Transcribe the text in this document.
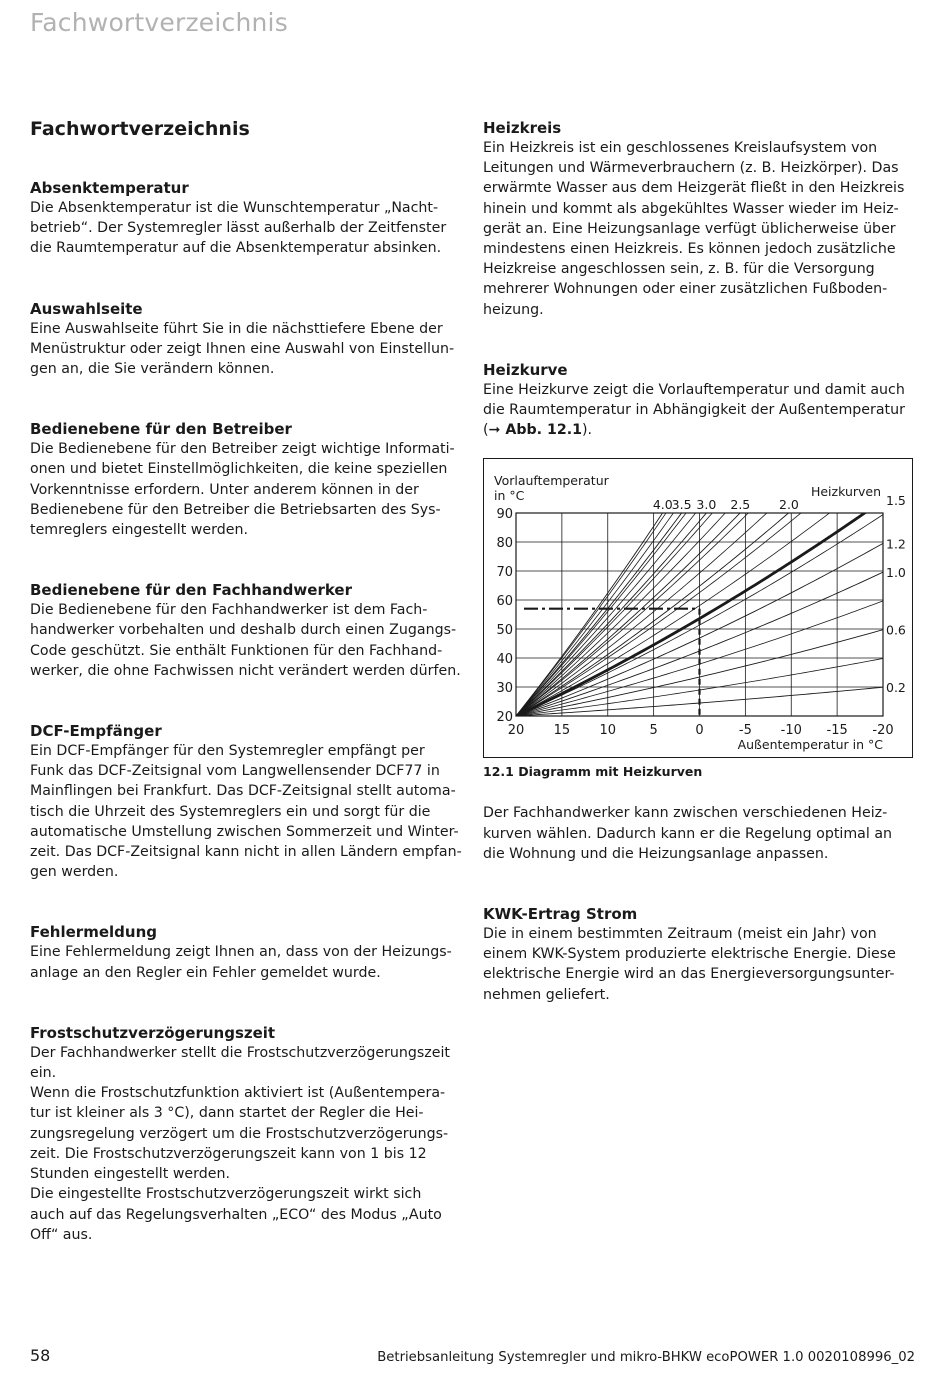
Fachwortverzeichnis
Fachwortverzeichnis
Absenktemperatur

Die Absenktemperatur ist die Wunschtemperatur „Nacht-
betrieb“. Der Systemregler lässt außerhalb der Zeitfenster
die Raumtemperatur auf die Absenktemperatur absinken.

Auswahlseite

Eine Auswahlseite führt Sie in die nächsttiefere Ebene der
Menüstruktur oder zeigt Ihnen eine Auswahl von Einstellun-
gen an, die Sie verändern können.

Bedienebene für den Betreiber

Die Bedienebene für den Betreiber zeigt wichtige Informati-
onen und bietet Einstellmöglichkeiten, die keine speziellen
Vorkenntnisse erfordern. Unter anderem können in der
Bedienebene für den Betreiber die Betriebsarten des Sys-
temreglers eingestellt werden.

Bedienebene für den Fachhandwerker

Die Bedienebene für den Fachhandwerker ist dem Fach-
handwerker vorbehalten und deshalb durch einen Zugangs-
Code geschützt. Sie enthält Funktionen für den Fachhand-
werker, die ohne Fachwissen nicht verändert werden dürfen.

DCF-Empfänger

Ein DCF-Empfänger für den Systemregler empfängt per
Funk das DCF-Zeitsignal vom Langwellensender DCF77 in
Mainflingen bei Frankfurt. Das DCF-Zeitsignal stellt automa-
tisch die Uhrzeit des Systemreglers ein und sorgt für die
automatische Umstellung zwischen Sommerzeit und Winter-
zeit. Das DCF-Zeitsignal kann nicht in allen Ländern empfan-
gen werden.

Fehlermeldung

Eine Fehlermeldung zeigt Ihnen an, dass von der Heizungs-
anlage an den Regler ein Fehler gemeldet wurde.

Frostschutzverzögerungszeit

Der Fachhandwerker stellt die Frostschutzverzögerungszeit
ein.
Wenn die Frostschutzfunktion aktiviert ist (Außentempera-
tur ist kleiner als 3 °C), dann startet der Regler die Hei-
zungsregelung verzögert um die Frostschutzverzögerungs-
zeit. Die Frostschutzverzögerungszeit kann von 1 bis 12
Stunden eingestellt werden.
Die eingestellte Frostschutzverzögerungszeit wirkt sich
auch auf das Regelungsverhalten „ECO“ des Modus „Auto
Off“ aus.

Heizkreis

Ein Heizkreis ist ein geschlossenes Kreislaufsystem von
Leitungen und Wärmeverbrauchern (z. B. Heizkörper). Das
erwärmte Wasser aus dem Heizgerät fließt in den Heizkreis
hinein und kommt als abgekühltes Wasser wieder im Heiz-
gerät an. Eine Heizungsanlage verfügt üblicherweise über
mindestens einen Heizkreis. Es können jedoch zusätzliche
Heizkreise angeschlossen sein, z. B. für die Versorgung
mehrerer Wohnungen oder einer zusätzlichen Fußboden-
heizung.

Heizkurve

Eine Heizkurve zeigt die Vorlauftemperatur und damit auch
die Raumtemperatur in Abhängigkeit der Außentemperatur
(➞ Abb. 12.1).

20 15 10	5	0	-5 -10 -15 -20
90
80
70
60
50
40
30
20
Vorlauftemperatur
in °C
Außentemperatur in °C
Heizkurven
4.0
3.5 3.0 2.5 2.0	1.5
1.2
1.0
0.6
0.2
12.1 Diagramm mit Heizkurven

Der Fachhandwerker kann zwischen verschiedenen Heiz-
kurven wählen. Dadurch kann er die Regelung optimal an
die Wohnung und die Heizungsanlage anpassen.

KWK-Ertrag Strom

Die in einem bestimmten Zeitraum (meist ein Jahr) von
einem KWK-System produzierte elektrische Energie. Diese
elektrische Energie wird an das Energieversorgungsunter-
nehmen geliefert.

58	Betriebsanleitung Systemregler und mikro-BHKW ecoPOWER 1.0 0020108996_02
